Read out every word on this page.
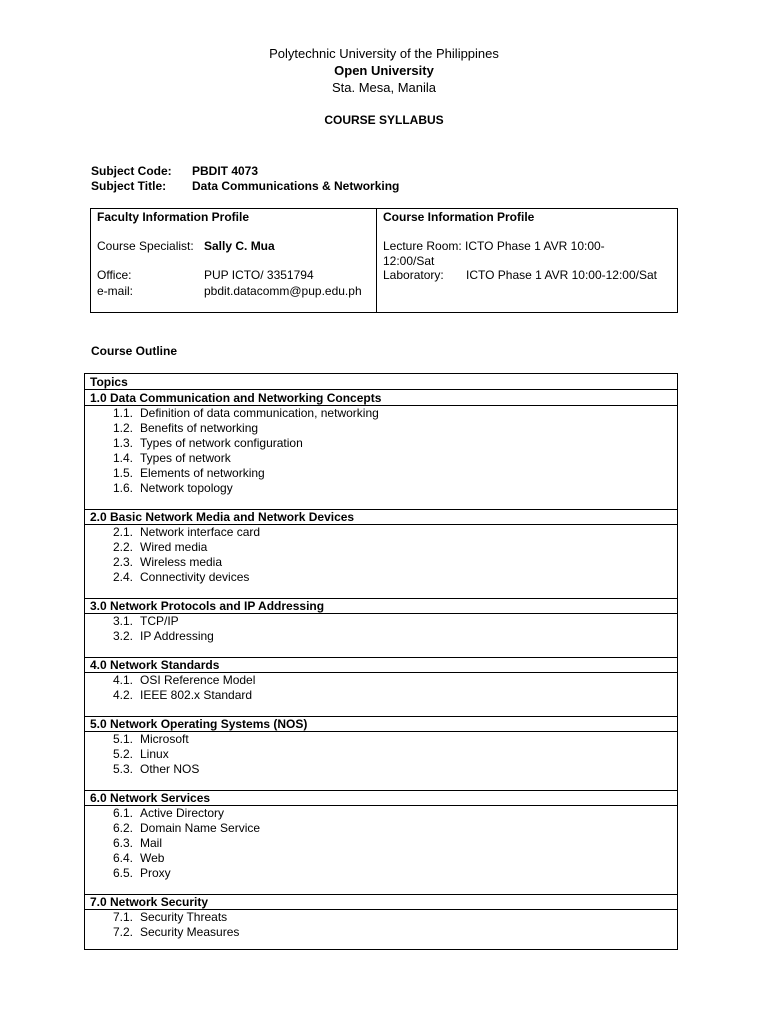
Polytechnic University of the Philippines
Open University
Sta. Mesa, Manila
COURSE SYLLABUS
Subject Code: PBDIT 4073
Subject Title: Data Communications & Networking
Faculty Information Profile
Course Specialist: Sally C. Mua
Office:	PUP ICTO/ 3351794
e-mail:	pbdit.datacomm@pup.edu.ph
Course Information Profile
Lecture Room: ICTO Phase 1 AVR 10:00-
12:00/Sat
Laboratory: ICTO Phase 1 AVR 10:00-12:00/Sat
Course Outline
Topics
1.0 Data Communication and Networking Concepts
1.1. Definition of data communication, networking
1.2. Benefits of networking
1.3. Types of network configuration
1.4. Types of network
1.5. Elements of networking
1.6. Network topology
2.0 Basic Network Media and Network Devices
2.1. Network interface card
2.2. Wired media
2.3. Wireless media
2.4. Connectivity devices
3.0 Network Protocols and IP Addressing
3.1. TCP/IP
3.2. IP Addressing
4.0 Network Standards
4.1. OSI Reference Model
4.2. IEEE 802.x Standard
5.0 Network Operating Systems (NOS)
5.1. Microsoft
5.2. Linux
5.3. Other NOS
6.0 Network Services
6.1. Active Directory
6.2. Domain Name Service
6.3. Mail
6.4. Web
6.5. Proxy
7.0 Network Security
7.1. Security Threats
7.2. Security Measures
